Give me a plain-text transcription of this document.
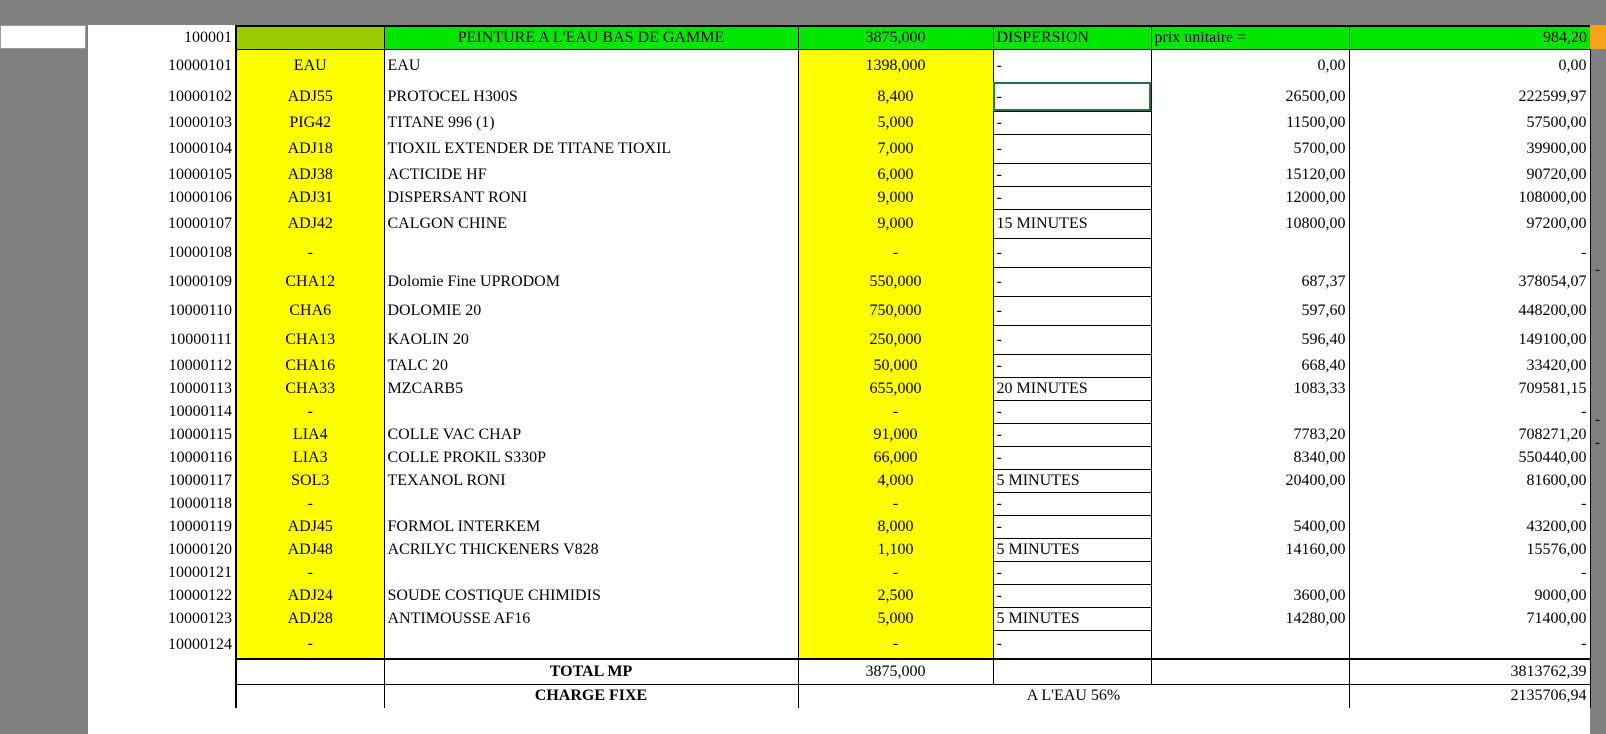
100001		PEINTURE A L'EAU BAS DE GAMME	3875,000	DISPERSION	prix unitaire =	984,20
10000101	EAU	EAU	1398,000	-	0,00	0,00
10000102	ADJ55	PROTOCEL H300S	8,400	-	26500,00	222599,97
10000103	PIG42	TITANE 996 (1)	5,000	-	11500,00	57500,00
10000104	ADJ18	TIOXIL EXTENDER DE TITANE TIOXIL	7,000	-	5700,00	39900,00
10000105	ADJ38	ACTICIDE HF	6,000	-	15120,00	90720,00
10000106	ADJ31	DISPERSANT RONI	9,000	-	12000,00	108000,00
10000107	ADJ42	CALGON CHINE	9,000	15 MINUTES	10800,00	97200,00
10000108	-		-	-		-
10000109	CHA12	Dolomie Fine UPRODOM	550,000	-	687,37	378054,07
10000110	CHA6	DOLOMIE 20	750,000	-	597,60	448200,00
10000111	CHA13	KAOLIN 20	250,000	-	596,40	149100,00
10000112	CHA16	TALC 20	50,000	-	668,40	33420,00
10000113	CHA33	MZCARB5	655,000	20 MINUTES	1083,33	709581,15
10000114	-		-	-		-
10000115	LIA4	COLLE VAC CHAP	91,000	-	7783,20	708271,20
10000116	LIA3	COLLE PROKIL S330P	66,000	-	8340,00	550440,00
10000117	SOL3	TEXANOL RONI	4,000	5 MINUTES	20400,00	81600,00
10000118	-		-	-		-
10000119	ADJ45	FORMOL INTERKEM	8,000	-	5400,00	43200,00
10000120	ADJ48	ACRILYC THICKENERS V828	1,100	5 MINUTES	14160,00	15576,00
10000121	-		-	-		-
10000122	ADJ24	SOUDE COSTIQUE CHIMIDIS	2,500	-	3600,00	9000,00
10000123	ADJ28	ANTIMOUSSE AF16	5,000	5 MINUTES	14280,00	71400,00
10000124	-		-	-		-
		TOTAL MP	3875,000			3813762,39
		CHARGE FIXE	A L'EAU 56%			2135706,94
-
-
-
